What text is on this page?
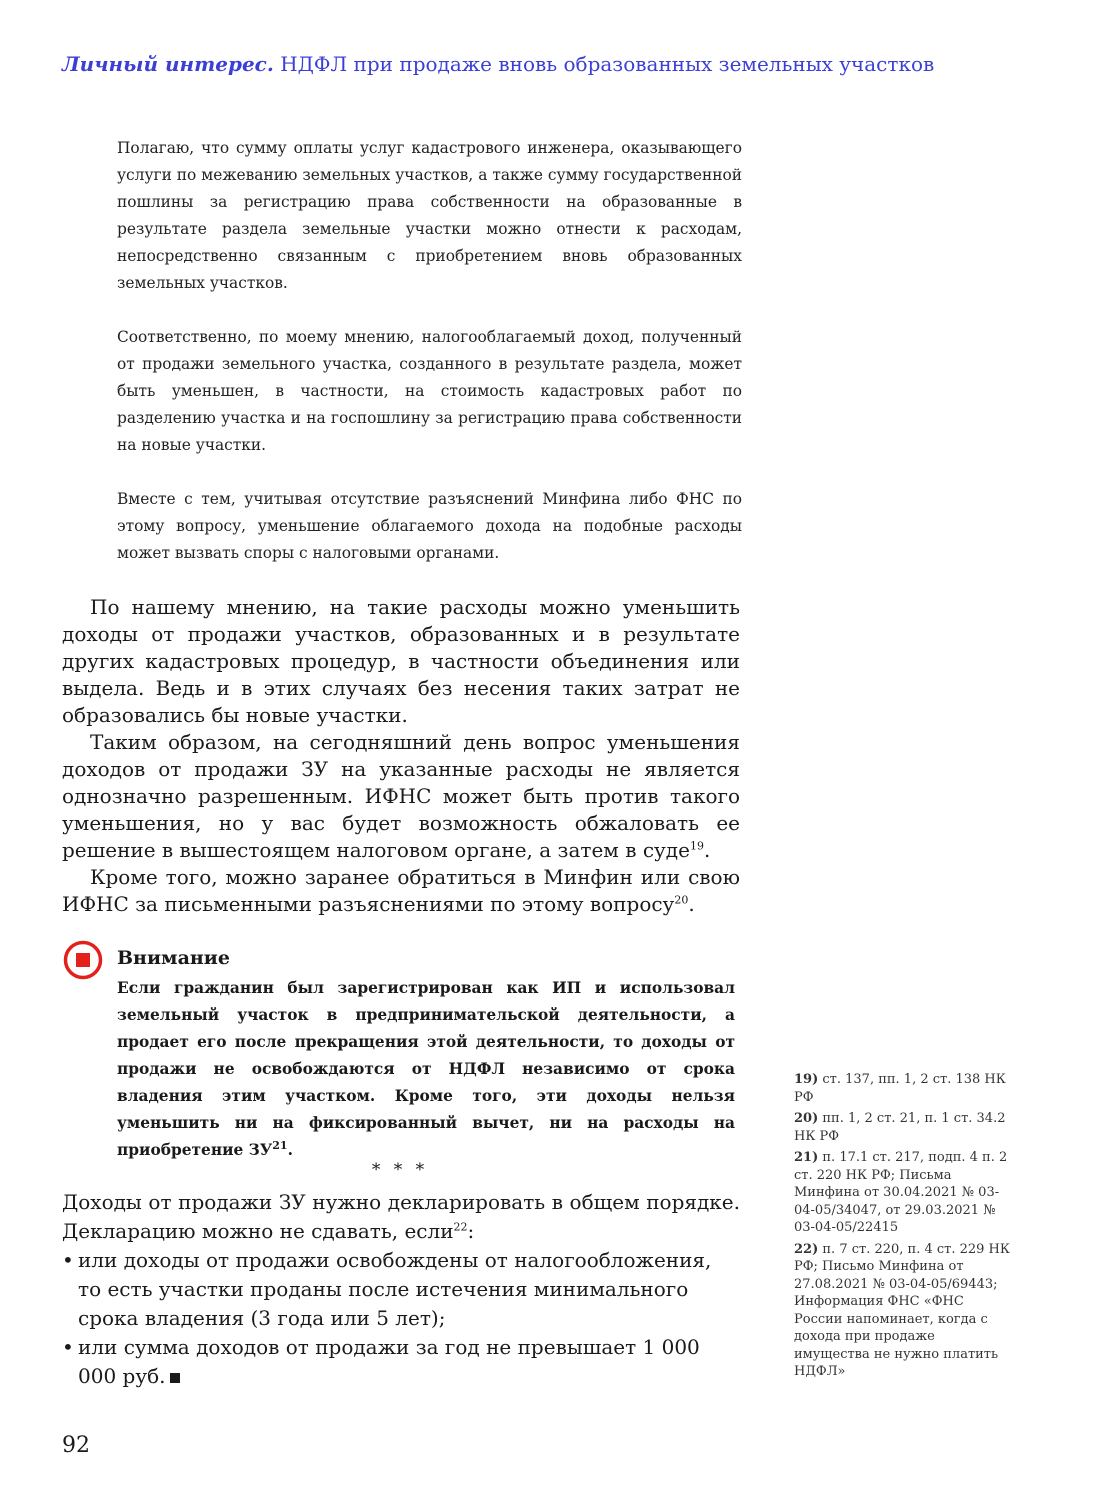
Личный интерес. НДФЛ при продаже вновь образованных земельных участков

Полагаю, что сумму оплаты услуг кадастрового инженера, оказывающего услуги по межеванию земельных участков, а также сумму государственной пошлины за регистрацию права собственности на образованные в результате раздела земельные участки можно отнести к расходам, непосредственно связанным с приобретением вновь образованных земельных участков.

Соответственно, по моему мнению, налогооблагаемый доход, полученный от продажи земельного участка, созданного в результате раздела, может быть уменьшен, в частности, на стоимость кадастровых работ по разделению участка и на госпошлину за регистрацию права собственности на новые участки.

Вместе с тем, учитывая отсутствие разъяснений Минфина либо ФНС по этому вопросу, уменьшение облагаемого дохода на подобные расходы может вызвать споры с налоговыми органами.

По нашему мнению, на такие расходы можно уменьшить доходы от продажи участков, образованных и в результате других кадастровых процедур, в частности объединения или выдела. Ведь и в этих случаях без несения таких затрат не образовались бы новые участки.

Таким образом, на сегодняшний день вопрос уменьшения доходов от продажи ЗУ на указанные расходы не является однозначно разрешенным. ИФНС может быть против такого уменьшения, но у вас будет возможность обжаловать ее решение в вышестоящем налоговом органе, а затем в суде$^{19}$.

Кроме того, можно заранее обратиться в Минфин или свою ИФНС за письменными разъяснениями по этому вопросу$^{20}$.

Внимание
Если гражданин был зарегистрирован как ИП и использовал земельный участок в предпринимательской деятельности, а продает его после прекращения этой деятельности, то доходы от продажи не освобождаются от НДФЛ независимо от срока владения этим участком. Кроме того, эти доходы нельзя уменьшить ни на фиксированный вычет, ни на расходы на приобретение ЗУ$^{21}$.
* * *

Доходы от продажи ЗУ нужно декларировать в общем порядке. Декларацию можно не сдавать, если$^{22}$:

• или доходы от продажи освобождены от налогообложения, то есть участки проданы после истечения минимального срока владения (3 года или 5 лет);
• или сумма доходов от продажи за год не превышает 1 000 000 руб.

19) ст. 137, пп. 1, 2 ст. 138 НК РФ

20) пп. 1, 2 ст. 21, п. 1 ст. 34.2 НК РФ

21) п. 17.1 ст. 217, подп. 4 п. 2 ст. 220 НК РФ; Письма Минфина от 30.04.2021 № 03-04-05/34047, от 29.03.2021 № 03-04-05/22415

22) п. 7 ст. 220, п. 4 ст. 229 НК РФ; Письмо Минфина от 27.08.2021 № 03-04-05/69443; Информация ФНС «ФНС России напоминает, когда с дохода при продаже имущества не нужно платить НДФЛ»

92
